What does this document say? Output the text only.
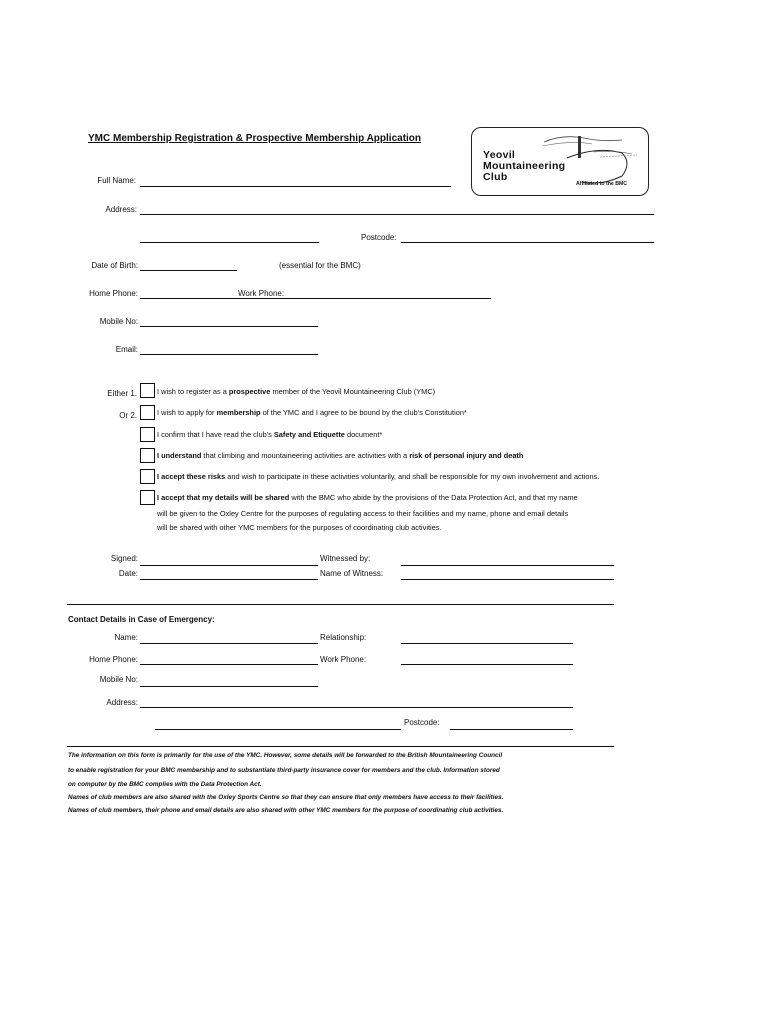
YMC Membership Registration & Prospective Membership Application
Yeovil
Mountaineering
Club
Affiliated to the BMC
Full Name:
Address:
Postcode:
Date of Birth:	(essential for the BMC)
Home Phone:	Work Phone:
Mobile No:
Email:
Either 1.	I wish to register as a prospective member of the Yeovil Mountaineering Club (YMC)
Or 2.	I wish to apply for membership of the YMC and I agree to be bound by the club's Constitution*
I confirm that I have read the club's Safety and Etiquette document*
I understand that climbing and mountaineering activities are activities with a risk of personal injury and death
I accept these risks and wish to participate in these activities voluntarily, and shall be responsible for my own involvement and actions.
I accept that my details will be shared with the BMC who abide by the provisions of the Data Protection Act, and that my name
will be given to the Oxley Centre for the purposes of regulating access to their facilities and my name, phone and email details
will be shared with other YMC members for the purposes of coordinating club activities.
Signed:	Witnessed by:
Date:	Name of Witness:
Contact Details in Case of Emergency:
Name:	Relationship:
Home Phone:	Work Phone:
Mobile No:
Address:
Postcode:
The information on this form is primarily for the use of the YMC. However, some details will be forwarded to the British Mountaineering Council
to enable registration for your BMC membership and to substantiate third-party insurance cover for members and the club. Information stored
on computer by the BMC complies with the Data Protection Act.
Names of club members are also shared with the Oxley Sports Centre so that they can ensure that only members have access to their facilities.
Names of club members, their phone and email details are also shared with other YMC members for the purpose of coordinating club activities.
